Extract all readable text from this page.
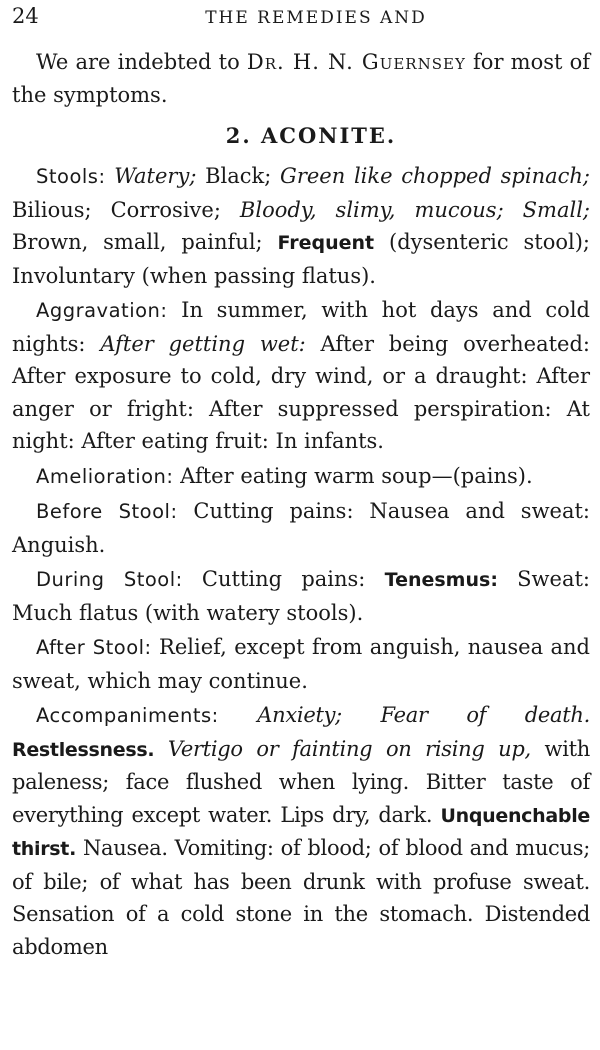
24	THE REMEDIES AND

We are indebted to Dr. H. N. Guernsey for most of the symptoms.

2. ACONITE.

Stools: Watery; Black; Green like chopped spinach; Bilious; Corrosive; Bloody, slimy, mucous; Small; Brown, small, painful; Frequent (dysenteric stool); Involuntary (when passing flatus).

Aggravation: In summer, with hot days and cold nights: After getting wet: After being overheated: After exposure to cold, dry wind, or a draught: After anger or fright: After suppressed perspiration: At night: After eating fruit: In infants.

Amelioration: After eating warm soup—(pains).

Before Stool: Cutting pains: Nausea and sweat: Anguish.

During Stool: Cutting pains: Tenesmus: Sweat: Much flatus (with watery stools).

After Stool: Relief, except from anguish, nausea and sweat, which may continue.

Accompaniments: Anxiety; Fear of death. Restlessness. Vertigo or fainting on rising up, with paleness; face flushed when lying. Bitter taste of everything except water. Lips dry, dark. Unquenchable thirst. Nausea. Vomiting: of blood; of blood and mucus; of bile; of what has been drunk with profuse sweat. Sensation of a cold stone in the stomach. Distended abdomen
